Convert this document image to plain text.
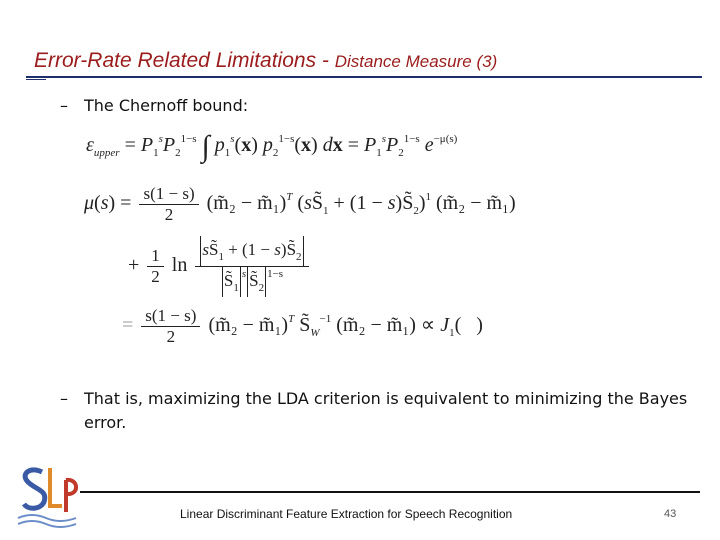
Error-Rate Related Limitations - Distance Measure (3)
–	The Chernoff bound:
$\varepsilon_{upper} = P_1^sP_2^{1-s}$ ∫ $p_1^s(x)$ $p_2^{1-s}(x)$ dx = $P_1^sP_2^{1-s}$ $e^{-\mu(s)}$
$\mu(s) = \frac{s(1 - s)}{2}$ (m̃₂ − m̃₁)$^T$ ($sS̃_1 + (1$ − $s)S̃_2)^1$ (m̃₂ − m̃₁)
+ $\frac{1}{2}$ $\ln \frac{sS̃_1 + (1 - s)S̃_2}{S̃_1^s S̃_2^{1-s}}$
= $\frac{s(1 - s)}{2}$ (m̃₂ − m̃₁)$^T$ $S̃_W^{-1}$ (m̃₂ − m̃₁) ∝ $J_1$(   )
–	That is, maximizing the LDA criterion is equivalent to minimizing the Bayes error.
Linear Discriminant Feature Extraction for Speech Recognition	43
